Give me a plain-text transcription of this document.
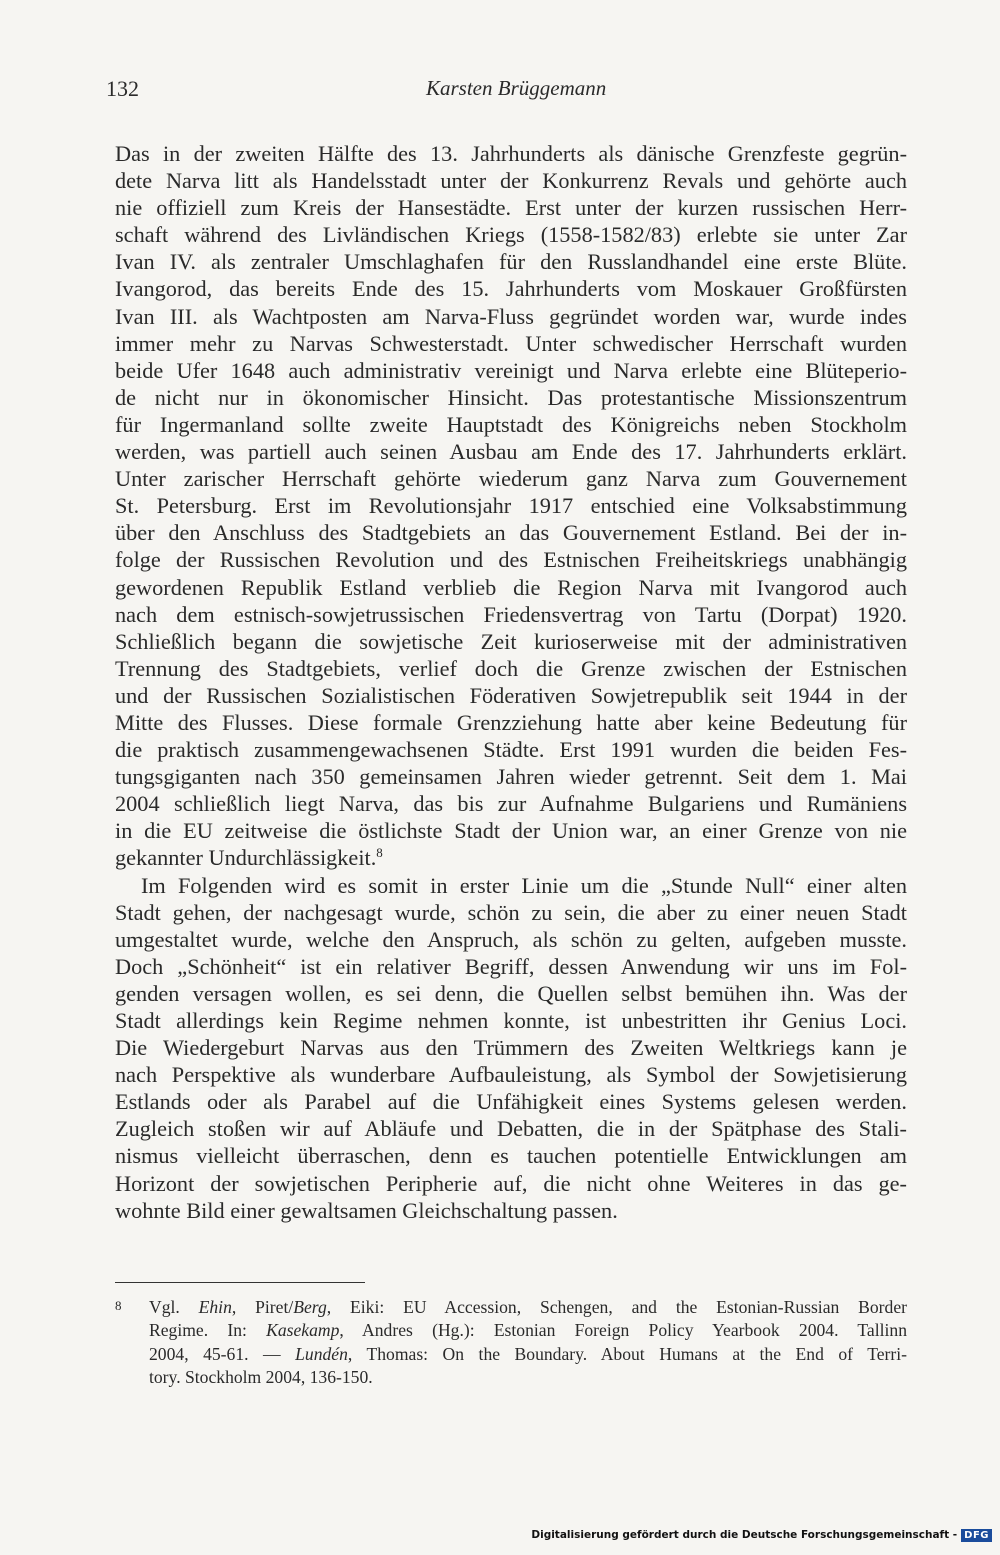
132	Karsten Brüggemann
Das in der zweiten Hälfte des 13. Jahrhunderts als dänische Grenzfeste gegrün-
dete Narva litt als Handelsstadt unter der Konkurrenz Revals und gehörte auch
nie offiziell zum Kreis der Hansestädte. Erst unter der kurzen russischen Herr-
schaft während des Livländischen Kriegs (1558-1582/83) erlebte sie unter Zar
Ivan IV. als zentraler Umschlaghafen für den Russlandhandel eine erste Blüte.
Ivangorod, das bereits Ende des 15. Jahrhunderts vom Moskauer Großfürsten
Ivan III. als Wachtposten am Narva-Fluss gegründet worden war, wurde indes
immer mehr zu Narvas Schwesterstadt. Unter schwedischer Herrschaft wurden
beide Ufer 1648 auch administrativ vereinigt und Narva erlebte eine Blüteperio-
de nicht nur in ökonomischer Hinsicht. Das protestantische Missionszentrum
für Ingermanland sollte zweite Hauptstadt des Königreichs neben Stockholm
werden, was partiell auch seinen Ausbau am Ende des 17. Jahrhunderts erklärt.
Unter zarischer Herrschaft gehörte wiederum ganz Narva zum Gouvernement
St. Petersburg. Erst im Revolutionsjahr 1917 entschied eine Volksabstimmung
über den Anschluss des Stadtgebiets an das Gouvernement Estland. Bei der in-
folge der Russischen Revolution und des Estnischen Freiheitskriegs unabhängig
gewordenen Republik Estland verblieb die Region Narva mit Ivangorod auch
nach dem estnisch-sowjetrussischen Friedensvertrag von Tartu (Dorpat) 1920.
Schließlich begann die sowjetische Zeit kurioserweise mit der administrativen
Trennung des Stadtgebiets, verlief doch die Grenze zwischen der Estnischen
und der Russischen Sozialistischen Föderativen Sowjetrepublik seit 1944 in der
Mitte des Flusses. Diese formale Grenzziehung hatte aber keine Bedeutung für
die praktisch zusammengewachsenen Städte. Erst 1991 wurden die beiden Fes-
tungsgiganten nach 350 gemeinsamen Jahren wieder getrennt. Seit dem 1. Mai
2004 schließlich liegt Narva, das bis zur Aufnahme Bulgariens und Rumäniens
in die EU zeitweise die östlichste Stadt der Union war, an einer Grenze von nie
gekannter Undurchlässigkeit.$^8$
Im Folgenden wird es somit in erster Linie um die „Stunde Null“ einer alten
Stadt gehen, der nachgesagt wurde, schön zu sein, die aber zu einer neuen Stadt
umgestaltet wurde, welche den Anspruch, als schön zu gelten, aufgeben musste.
Doch „Schönheit“ ist ein relativer Begriff, dessen Anwendung wir uns im Fol-
genden versagen wollen, es sei denn, die Quellen selbst bemühen ihn. Was der
Stadt allerdings kein Regime nehmen konnte, ist unbestritten ihr Genius Loci.
Die Wiedergeburt Narvas aus den Trümmern des Zweiten Weltkriegs kann je
nach Perspektive als wunderbare Aufbauleistung, als Symbol der Sowjetisierung
Estlands oder als Parabel auf die Unfähigkeit eines Systems gelesen werden.
Zugleich stoßen wir auf Abläufe und Debatten, die in der Spätphase des Stali-
nismus vielleicht überraschen, denn es tauchen potentielle Entwicklungen am
Horizont der sowjetischen Peripherie auf, die nicht ohne Weiteres in das ge-
wohnte Bild einer gewaltsamen Gleichschaltung passen.
8 Vgl. Ehin, Piret/Berg, Eiki: EU Accession, Schengen, and the Estonian-Russian Border
Regime. In: Kasekamp, Andres (Hg.): Estonian Foreign Policy Yearbook 2004. Tallinn
2004, 45-61. — Lundén, Thomas: On the Boundary. About Humans at the End of Terri-
tory. Stockholm 2004, 136-150.
Digitalisierung gefördert durch die Deutsche Forschungsgemeinschaft - DFG
